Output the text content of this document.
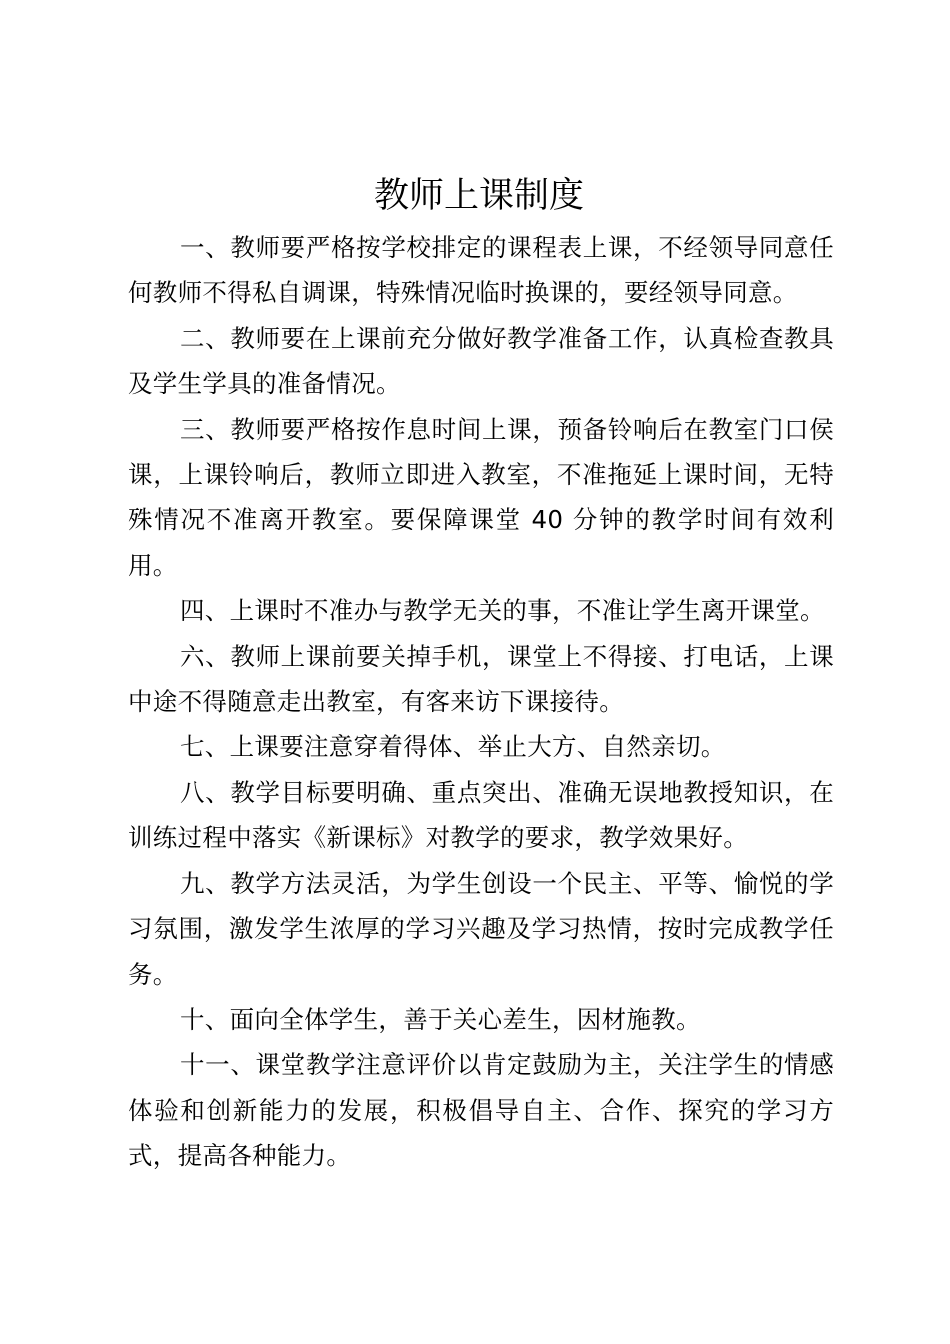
教师上课制度

一、教师要严格按学校排定的课程表上课，不经领导同意任何教师不得私自调课，特殊情况临时换课的，要经领导同意。

二、教师要在上课前充分做好教学准备工作，认真检查教具及学生学具的准备情况。

三、教师要严格按作息时间上课，预备铃响后在教室门口侯课，上课铃响后，教师立即进入教室，不准拖延上课时间，无特殊情况不准离开教室。要保障课堂 40 分钟的教学时间有效利用。

四、上课时不准办与教学无关的事，不准让学生离开课堂。

六、教师上课前要关掉手机，课堂上不得接、打电话，上课中途不得随意走出教室，有客来访下课接待。

七、上课要注意穿着得体、举止大方、自然亲切。

八、教学目标要明确、重点突出、准确无误地教授知识，在训练过程中落实《新课标》对教学的要求，教学效果好。

九、教学方法灵活，为学生创设一个民主、平等、愉悦的学习氛围，激发学生浓厚的学习兴趣及学习热情，按时完成教学任务。

十、面向全体学生，善于关心差生，因材施教。

十一、课堂教学注意评价以肯定鼓励为主，关注学生的情感体验和创新能力的发展，积极倡导自主、合作、探究的学习方式，提高各种能力。
